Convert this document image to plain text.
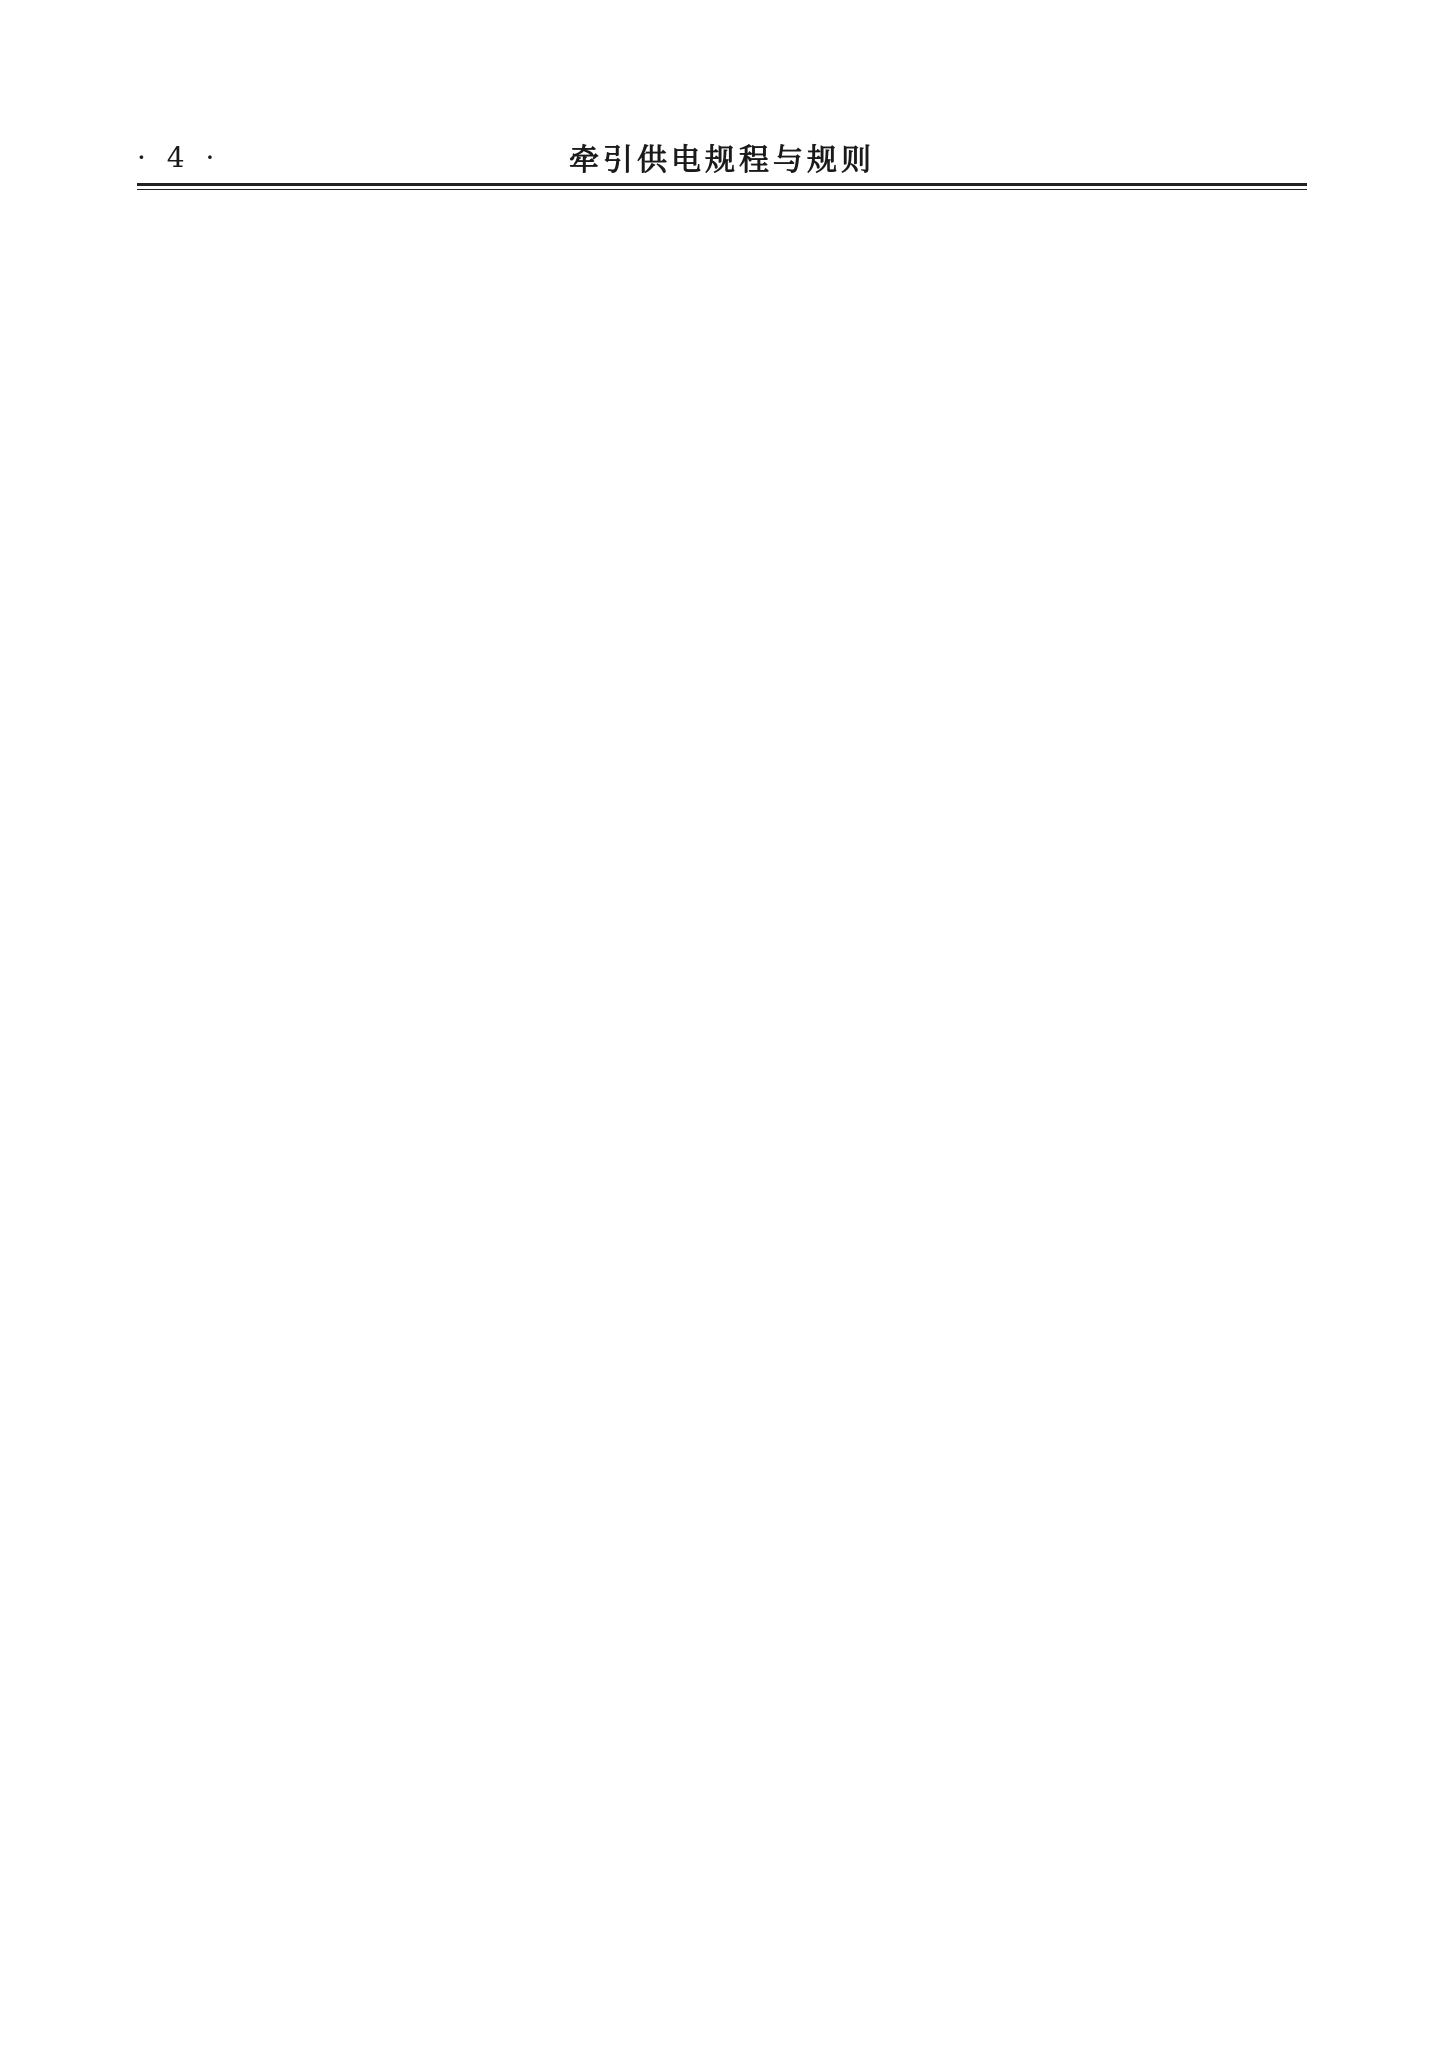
· 4 ·	牵引供电规程与规则
